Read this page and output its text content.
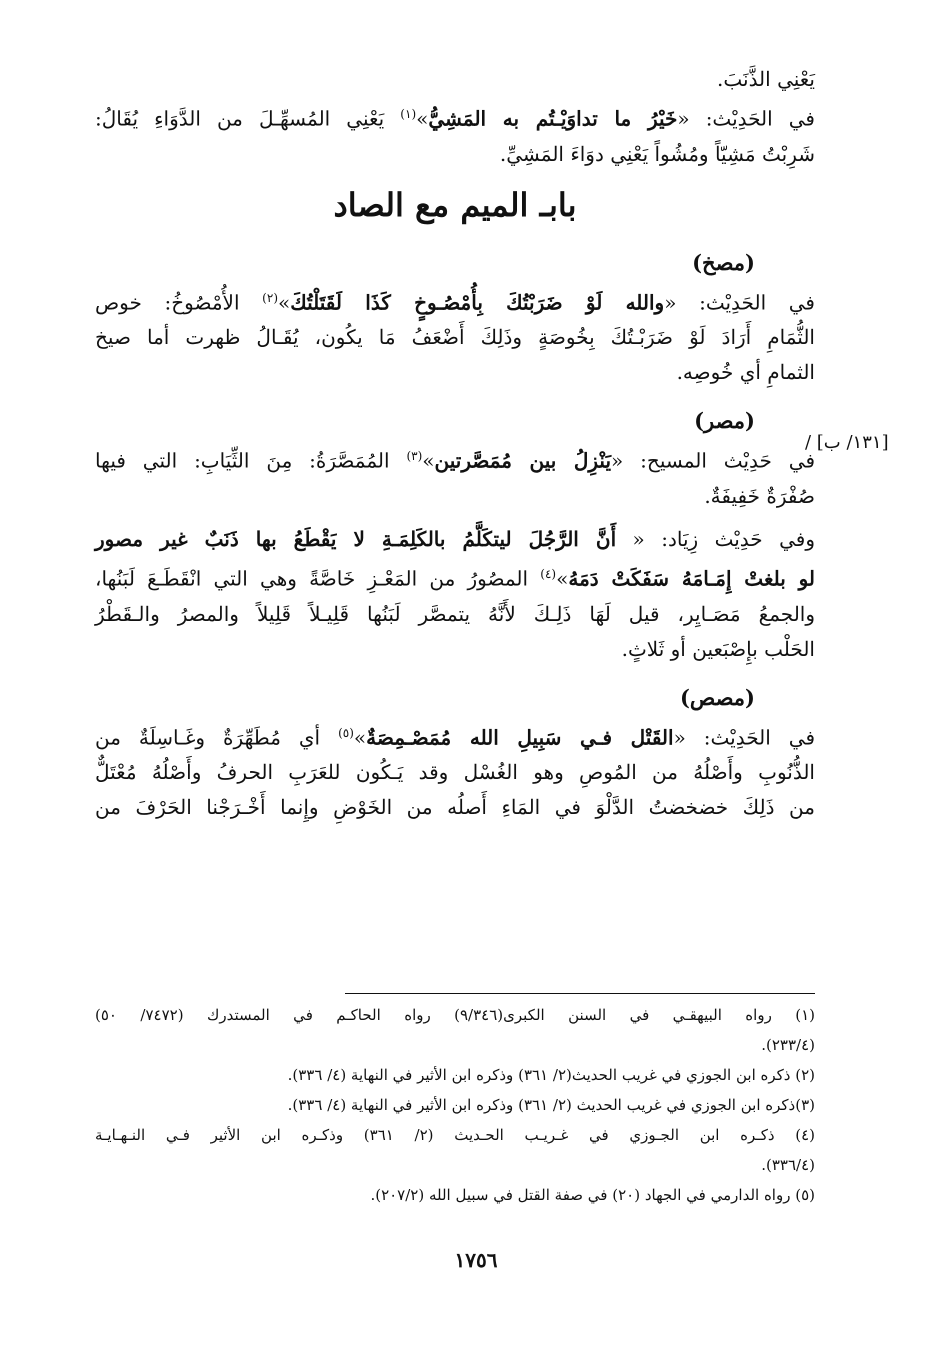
يَعْنِي الذَّنَبَ.

في الحَدِيْث: «خَيْرُ ما تداوَيْـتُم به المَشِيُّ»$^{(١)}$ يَعْنِي المُسهِّـلَ من الدَّوَاءِ يُقَالُ:

شَرِبْتُ مَشِيّاً ومُشُواً يَعْنِي دوَاءَ المَشِيِّ.

بابـ الميم مع الصاد
(مصخ)

في الحَدِيْث: «والله لَوْ ضَرَبْتُكَ بِأُمْصُـوخٍ كَذَا لَقَتَلْتُكَ»$^{(٢)}$ الأُمْصُوخُ: خوص

الثُّمَامِ أَرَادَ لَوْ ضَرَبْـتُكَ بِخُوصَةٍ وذَلِكَ أَضْعَفُ مَا يكُون، يُقَـالُ ظهرت أما صيخ

الثمامِ أي خُوصِه.

(مصر)

في حَدِيْث المسيح: «يَنْزِلُ بين مُمَصَّرتين»$^{(٣)}$ المُمَصَّرَةُ: مِنَ الثِّيَابِ: التي فيها

صُفْرَةٌ خَفِيفَةٌ.

وفي حَدِيْث زِيَاد: « أَنَّ الرَّجُلَ ليتكَلَّمُ بالكَلِمَـةِ لا يَقْطَعُ بها ذَنَبٌ غير مصور

لو بلغتْ إِمَـامَهُ سَفَكَتْ دَمَهُ»$^{(٤)}$ المصُورُ من المَعْـزِ خَاصَّةً وهي التي انْقَطَـعَ لَبَنُها،

والجمعُ مَصَـايِر، قيل لَهَا ذَلِـكَ لأَنَّهُ يتمصَّر لَبَنُها قَلِيـلاً قَلِيلاً والمصرُ والـقَطْرُ

الحَلْب بإِصْبَعين أو ثَلاثٍ.

(مصص)

في الحَدِيْث: «القَتْل فـي سَبِيلِ الله مُمَصْـمِصَةٌ»$^{(٥)}$ أي مُطَهِّرَةٌ وغَـاسِلَةٌ من

الذُّنُوبِ وأَصْلُهُ من المُوصِ وهو الغُسْل وقد يَـكُون للعَرَبِ الحرفُ وأَصْلُهُ مُعْتَلٌّ

من ذَلِكَ خضخضتُ الدَّلْوَ في المَاءِ أَصلُه من الخَوْضِ وإِنما أَخْـرَجْنا الحَرْفَ من

[١٣١/ ب] /

(١) رواه البيهقـي في السنن الكبرى(٩/٣٤٦) رواه الحاكـم في المستدرك (٧٤٧٢/ ٥٠)

(٢٣٣/٤).

(٢) ذكره ابن الجوزي في غريب الحديث(٢/ ٣٦١) وذكره ابن الأثير في النهاية (٤/ ٣٣٦).

(٣)ذكره ابن الجوزي في غريب الحديث (٢/ ٣٦١) وذكره ابن الأثير في النهاية (٤/ ٣٣٦).

(٤) ذكـره ابن الجـوزي في غـريـب الحـديث (٢/ ٣٦١) وذكـره ابن الأثير فـي النـهـايـة

(٣٣٦/٤).

(٥) رواه الدارمي في الجهاد (٢٠) في صفة القتل في سبيل الله (٢٠٧/٢).

١٧٥٦
